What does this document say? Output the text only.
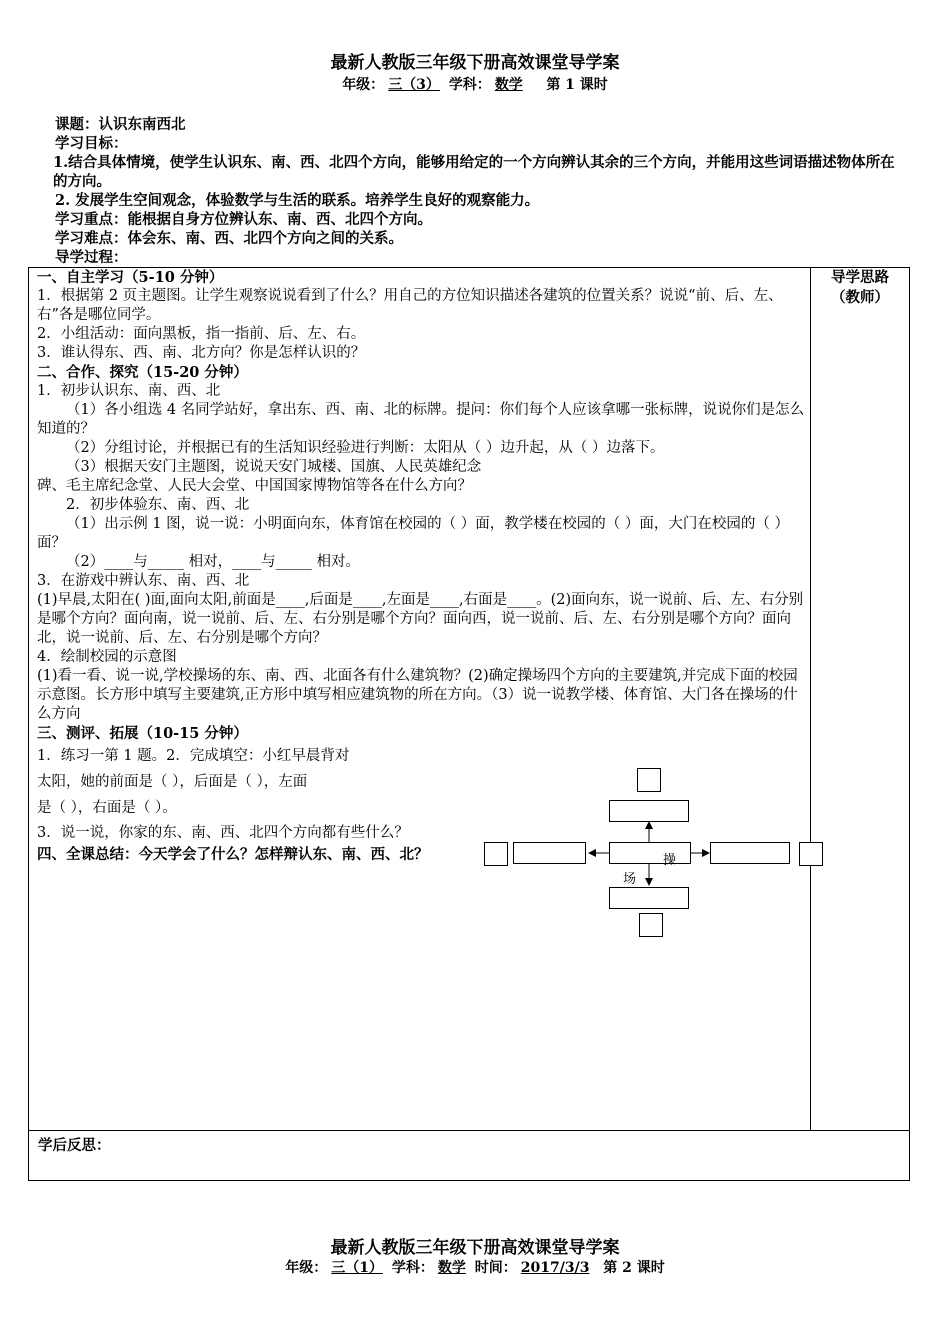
最新人教版三年级下册高效课堂导学案
年级： 三（3） 学科： 数学 第 1 课时
课题：认识东南西北
学习目标：
1.结合具体情境，使学生认识东、南、西、北四个方向，能够用给定的一个方向辨认其余的三个方向，并能用这些词语描述物体所在的方向。
2. 发展学生空间观念，体验数学与生活的联系。培养学生良好的观察能力。
学习重点：能根据自身方位辨认东、南、西、北四个方向。
学习难点：体会东、南、西、北四个方向之间的关系。
导学过程：
导学思路
（教师）
学后反思：

一、自主学习（5-10 分钟）

1．根据第 2 页主题图。让学生观察说说看到了什么？用自己的方位知识描述各建筑的位置关系？说说“前、后、左、右”各是哪位同学。

2．小组活动：面向黑板，指一指前、后、左、右。

3．谁认得东、西、南、北方向？你是怎样认识的？

二、合作、探究（15-20 分钟）

1．初步认识东、南、西、北

（1）各小组选 4 名同学站好，拿出东、西、南、北的标牌。提问：你们每个人应该拿哪一张标牌，说说你们是怎么知道的？

（2）分组讨论，并根据已有的生活知识经验进行判断：太阳从（ ）边升起，从（ ）边落下。

（3）根据天安门主题图，说说天安门城楼、国旗、人民英雄纪念

碑、毛主席纪念堂、人民大会堂、中国国家博物馆等各在什么方向？

2．初步体验东、南、西、北

（1）出示例 1 图，说一说：小明面向东，体育馆在校园的（ ）面，教学楼在校园的（ ）面，大门在校园的（ ）面？

（2）____与_____ 相对，____与_____ 相对。

3．在游戏中辨认东、南、西、北

(1)早晨,太阳在( )面,面向太阳,前面是____,后面是____,左面是____,右面是____。(2)面向东，说一说前、后、左、右分别是哪个方向？面向南，说一说前、后、左、右分别是哪个方向？面向西，说一说前、后、左、右分别是哪个方向？面向北，说一说前、后、左、右分别是哪个方向？

4．绘制校园的示意图

(1)看一看、说一说,学校操场的东、南、西、北面各有什么建筑物？(2)确定操场四个方向的主要建筑,并完成下面的校园示意图。长方形中填写主要建筑,正方形中填写相应建筑物的所在方向。（3）说一说教学楼、体育馆、大门各在操场的什么方向

三、测评、拓展（10-15 分钟）

1．练习一第 1 题。2．完成填空：小红早晨背对

太阳，她的前面是（ ），后面是（ ），左面

是（ ），右面是（ ）。

3．说一说，你家的东、南、西、北四个方向都有些什么？

四、全课总结：今天学会了什么？怎样辩认东、南、西、北？	操
场
最新人教版三年级下册高效课堂导学案
年级： 三（1） 学科： 数学 时间： 2017/3/3 第 2 课时
